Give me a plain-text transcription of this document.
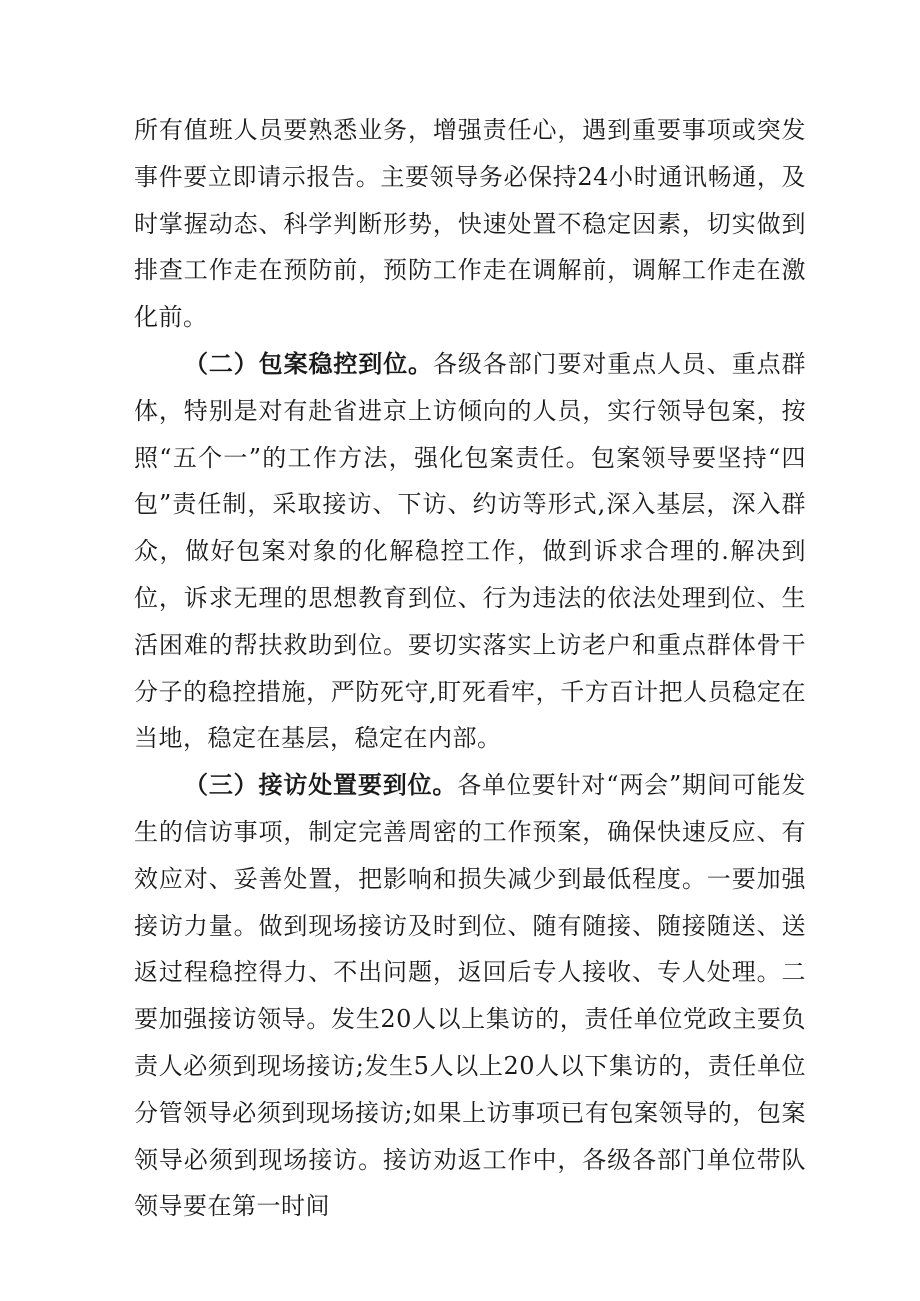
所有值班人员要熟悉业务，增强责任心，遇到重要事项或突发事件要立即请示报告。主要领导务必保持24小时通讯畅通，及时掌握动态、科学判断形势，快速处置不稳定因素，切实做到排查工作走在预防前，预防工作走在调解前，调解工作走在激化前。

（二）包案稳控到位。各级各部门要对重点人员、重点群体，特别是对有赴省进京上访倾向的人员，实行领导包案，按照“五个一”的工作方法，强化包案责任。包案领导要坚持“四包”责任制，采取接访、下访、约访等形式,深入基层，深入群众，做好包案对象的化解稳控工作，做到诉求合理的.解决到位，诉求无理的思想教育到位、行为违法的依法处理到位、生活困难的帮扶救助到位。要切实落实上访老户和重点群体骨干分子的稳控措施，严防死守,盯死看牢，千方百计把人员稳定在当地，稳定在基层，稳定在内部。

（三）接访处置要到位。各单位要针对“两会”期间可能发生的信访事项，制定完善周密的工作预案，确保快速反应、有效应对、妥善处置，把影响和损失减少到最低程度。一要加强接访力量。做到现场接访及时到位、随有随接、随接随送、送返过程稳控得力、不出问题，返回后专人接收、专人处理。二要加强接访领导。发生20人以上集访的，责任单位党政主要负责人必须到现场接访;发生5人以上20人以下集访的，责任单位分管领导必须到现场接访;如果上访事项已有包案领导的，包案领导必须到现场接访。接访劝返工作中，各级各部门单位带队领导要在第一时间
